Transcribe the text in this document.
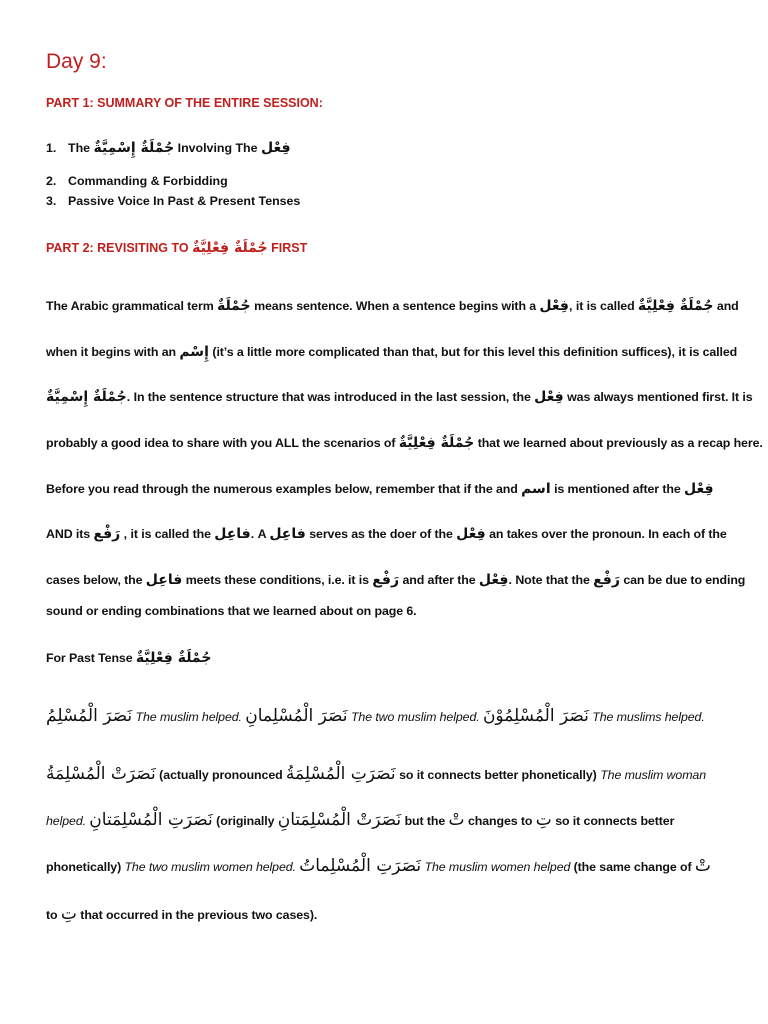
Day 9:
PART 1: SUMMARY OF THE ENTIRE SESSION:
1. The جُمْلَةٌ إِسْمِيَّةٌ Involving The فِعْل
2. Commanding & Forbidding
3. Passive Voice In Past & Present Tenses
PART 2: REVISITING TO جُمْلَةٌ فِعْلِيَّةٌ FIRST
The Arabic grammatical term جُمْلَةٌ means sentence. When a sentence begins with a فِعْل, it is called جُمْلَةٌ فِعْلِيَّةٌ and
when it begins with an إِسْم (it’s a little more complicated than that, but for this level this definition suffices), it is called
جُمْلَةٌ إِسْمِيَّةٌ. In the sentence structure that was introduced in the last session, the فِعْل was always mentioned first. It is
probably a good idea to share with you ALL the scenarios of جُمْلَةٌ فِعْلِيَّةٌ that we learned about previously as a recap here.
Before you read through the numerous examples below, remember that if the and اسم is mentioned after the فِعْل
AND its رَفْع , it is called the فاعِل. A فاعِل serves as the doer of the فِعْل an takes over the pronoun. In each of the
cases below, the فاعِل meets these conditions, i.e. it is رَفْع and after the فِعْل. Note that the رَفْع can be due to ending
sound or ending combinations that we learned about on page 6.
For Past Tense جُمْلَةٌ فِعْلِيَّةٌ
نَصَرَ الْمُسْلِمُ The muslim helped. نَصَرَ الْمُسْلِمانِ The two muslim helped. نَصَرَ الْمُسْلِمُوْنَ The muslims helped.
نَصَرَتْ الْمُسْلِمَةُ (actually pronounced نَصَرَتِ الْمُسْلِمَةُ so it connects better phonetically) The muslim woman
helped. نَصَرَتِ الْمُسْلِمَتانِ (originally نَصَرَتْ الْمُسْلِمَتانِ but the تْ changes to تِ so it connects better
phonetically) The two muslim women helped. نَصَرَتِ الْمُسْلِماتُ The muslim women helped (the same change of تْ
to تِ that occurred in the previous two cases).
